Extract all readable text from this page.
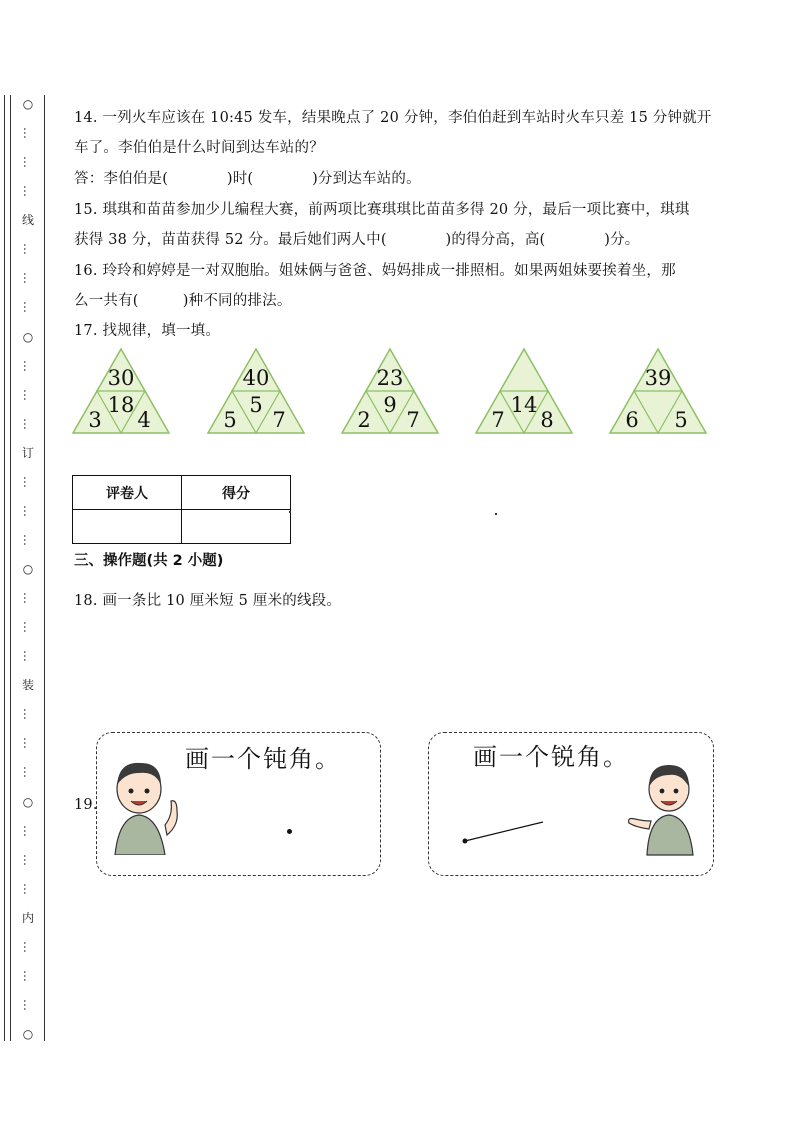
○
…
…
…
线
…
…
…
○
…
…
…
订
…
…
…
○
…
…
…
装
…
…
…
○
…
…
…
内
…
…
…
○
14. 一列火车应该在 10:45 发车，结果晚点了 20 分钟，李伯伯赶到车站时火车只差 15 分钟就开
车了。李伯伯是什么时间到达车站的？
答：李伯伯是(　　　　)时(　　　　)分到达车站的。
15. 琪琪和苗苗参加少儿编程大赛，前两项比赛琪琪比苗苗多得 20 分，最后一项比赛中，琪琪
获得 38 分，苗苗获得 52 分。最后她们两人中(　　　　)的得分高，高(　　　　)分。
16. 玲玲和婷婷是一对双胞胎。姐妹俩与爸爸、妈妈排成一排照相。如果两姐妹要挨着坐，那
么一共有(　　　)种不同的排法。
17. 找规律，填一填。
30
18
3	4
40
5
5	7
23
9
2	7
14
7	8
39
6	5
评卷人	得分

三、操作题(共 2 小题)
18. 画一条比 10 厘米短 5 厘米的线段。
19.
画一个钝角。	画一个锐角。
